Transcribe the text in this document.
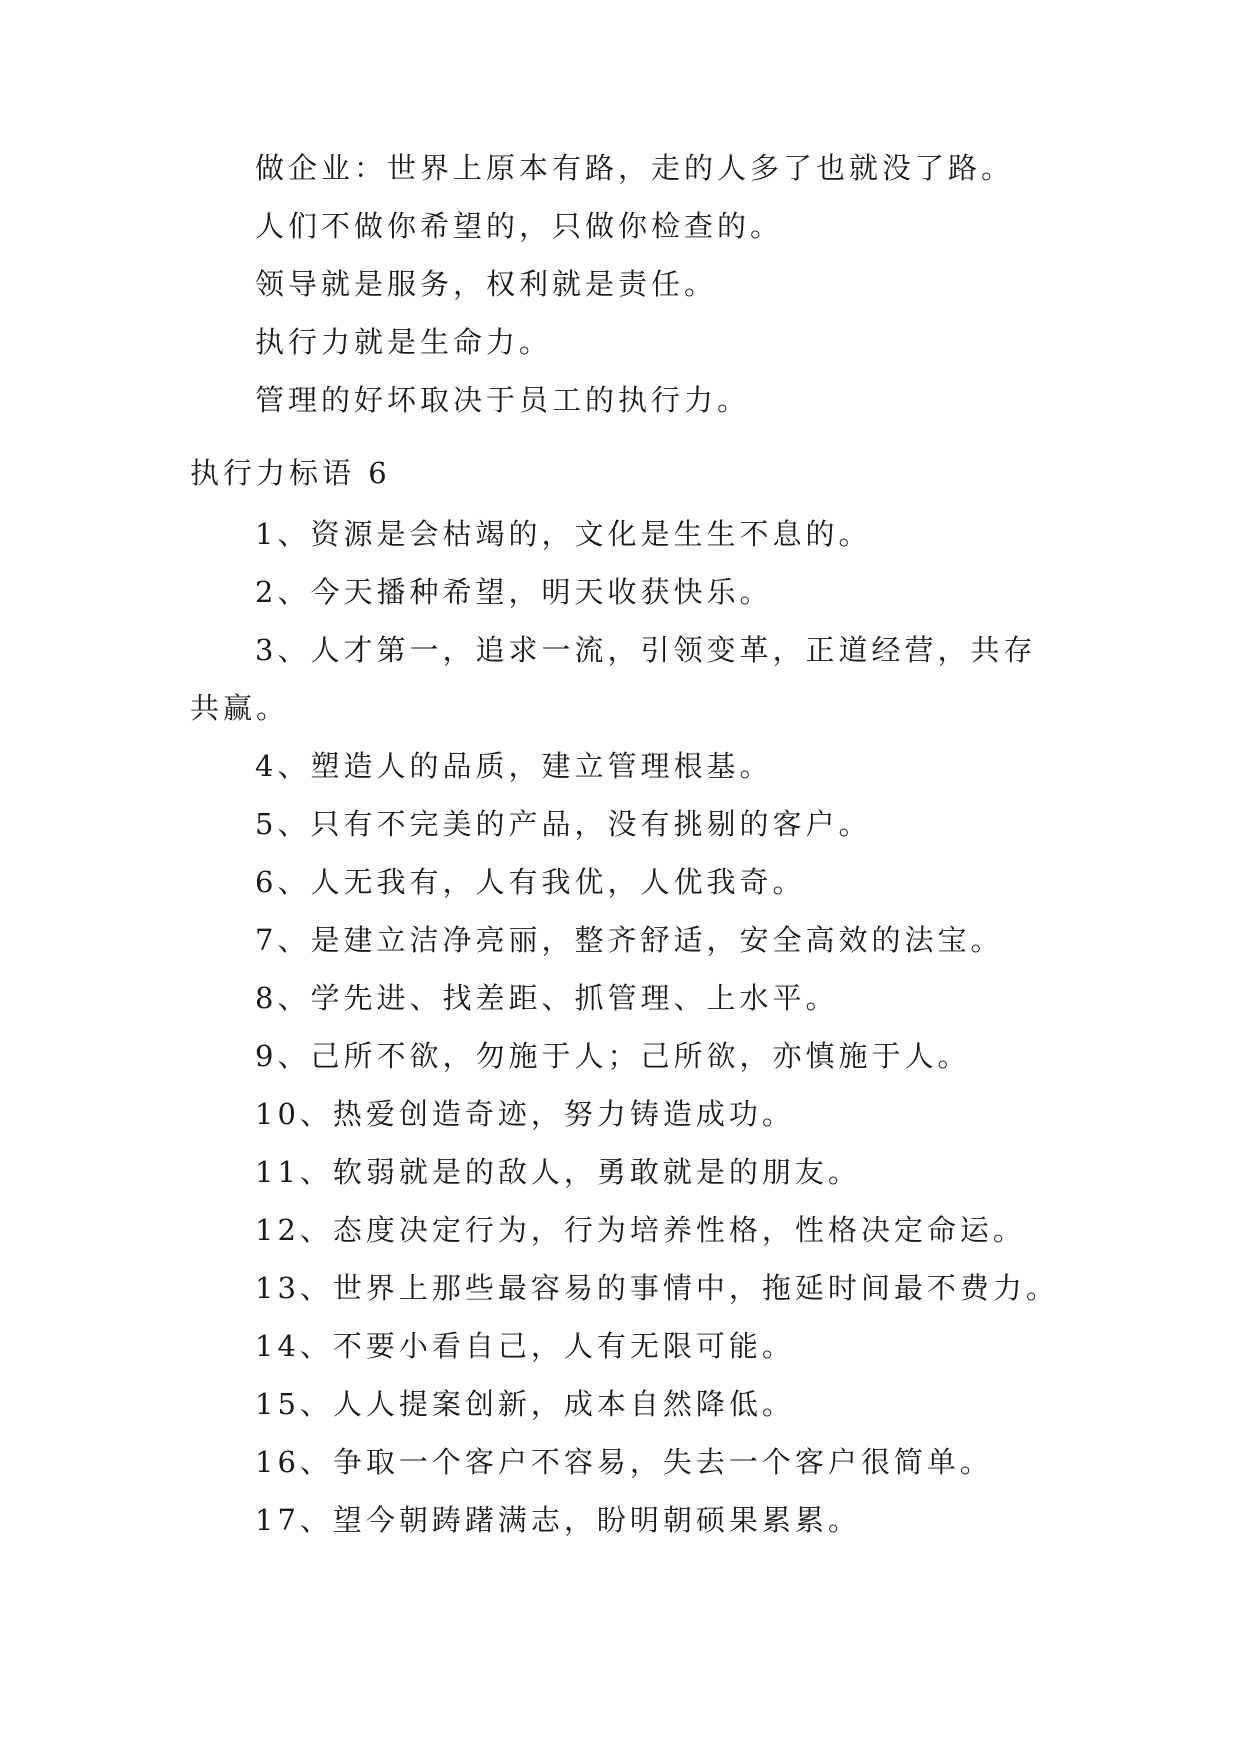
做企业：世界上原本有路，走的人多了也就没了路。
人们不做你希望的，只做你检查的。
领导就是服务，权利就是责任。
执行力就是生命力。
管理的好坏取决于员工的执行力。
执行力标语 6
1、资源是会枯竭的，文化是生生不息的。
2、今天播种希望，明天收获快乐。
3、人才第一，追求一流，引领变革，正道经营，共存
共赢。
4、塑造人的品质，建立管理根基。
5、只有不完美的产品，没有挑剔的客户。
6、人无我有，人有我优，人优我奇。
7、是建立洁净亮丽，整齐舒适，安全高效的法宝。
8、学先进、找差距、抓管理、上水平。
9、己所不欲，勿施于人；己所欲，亦慎施于人。
10、热爱创造奇迹，努力铸造成功。
11、软弱就是的敌人，勇敢就是的朋友。
12、态度决定行为，行为培养性格，性格决定命运。
13、世界上那些最容易的事情中，拖延时间最不费力。
14、不要小看自己，人有无限可能。
15、人人提案创新，成本自然降低。
16、争取一个客户不容易，失去一个客户很简单。
17、望今朝踌躇满志，盼明朝硕果累累。
